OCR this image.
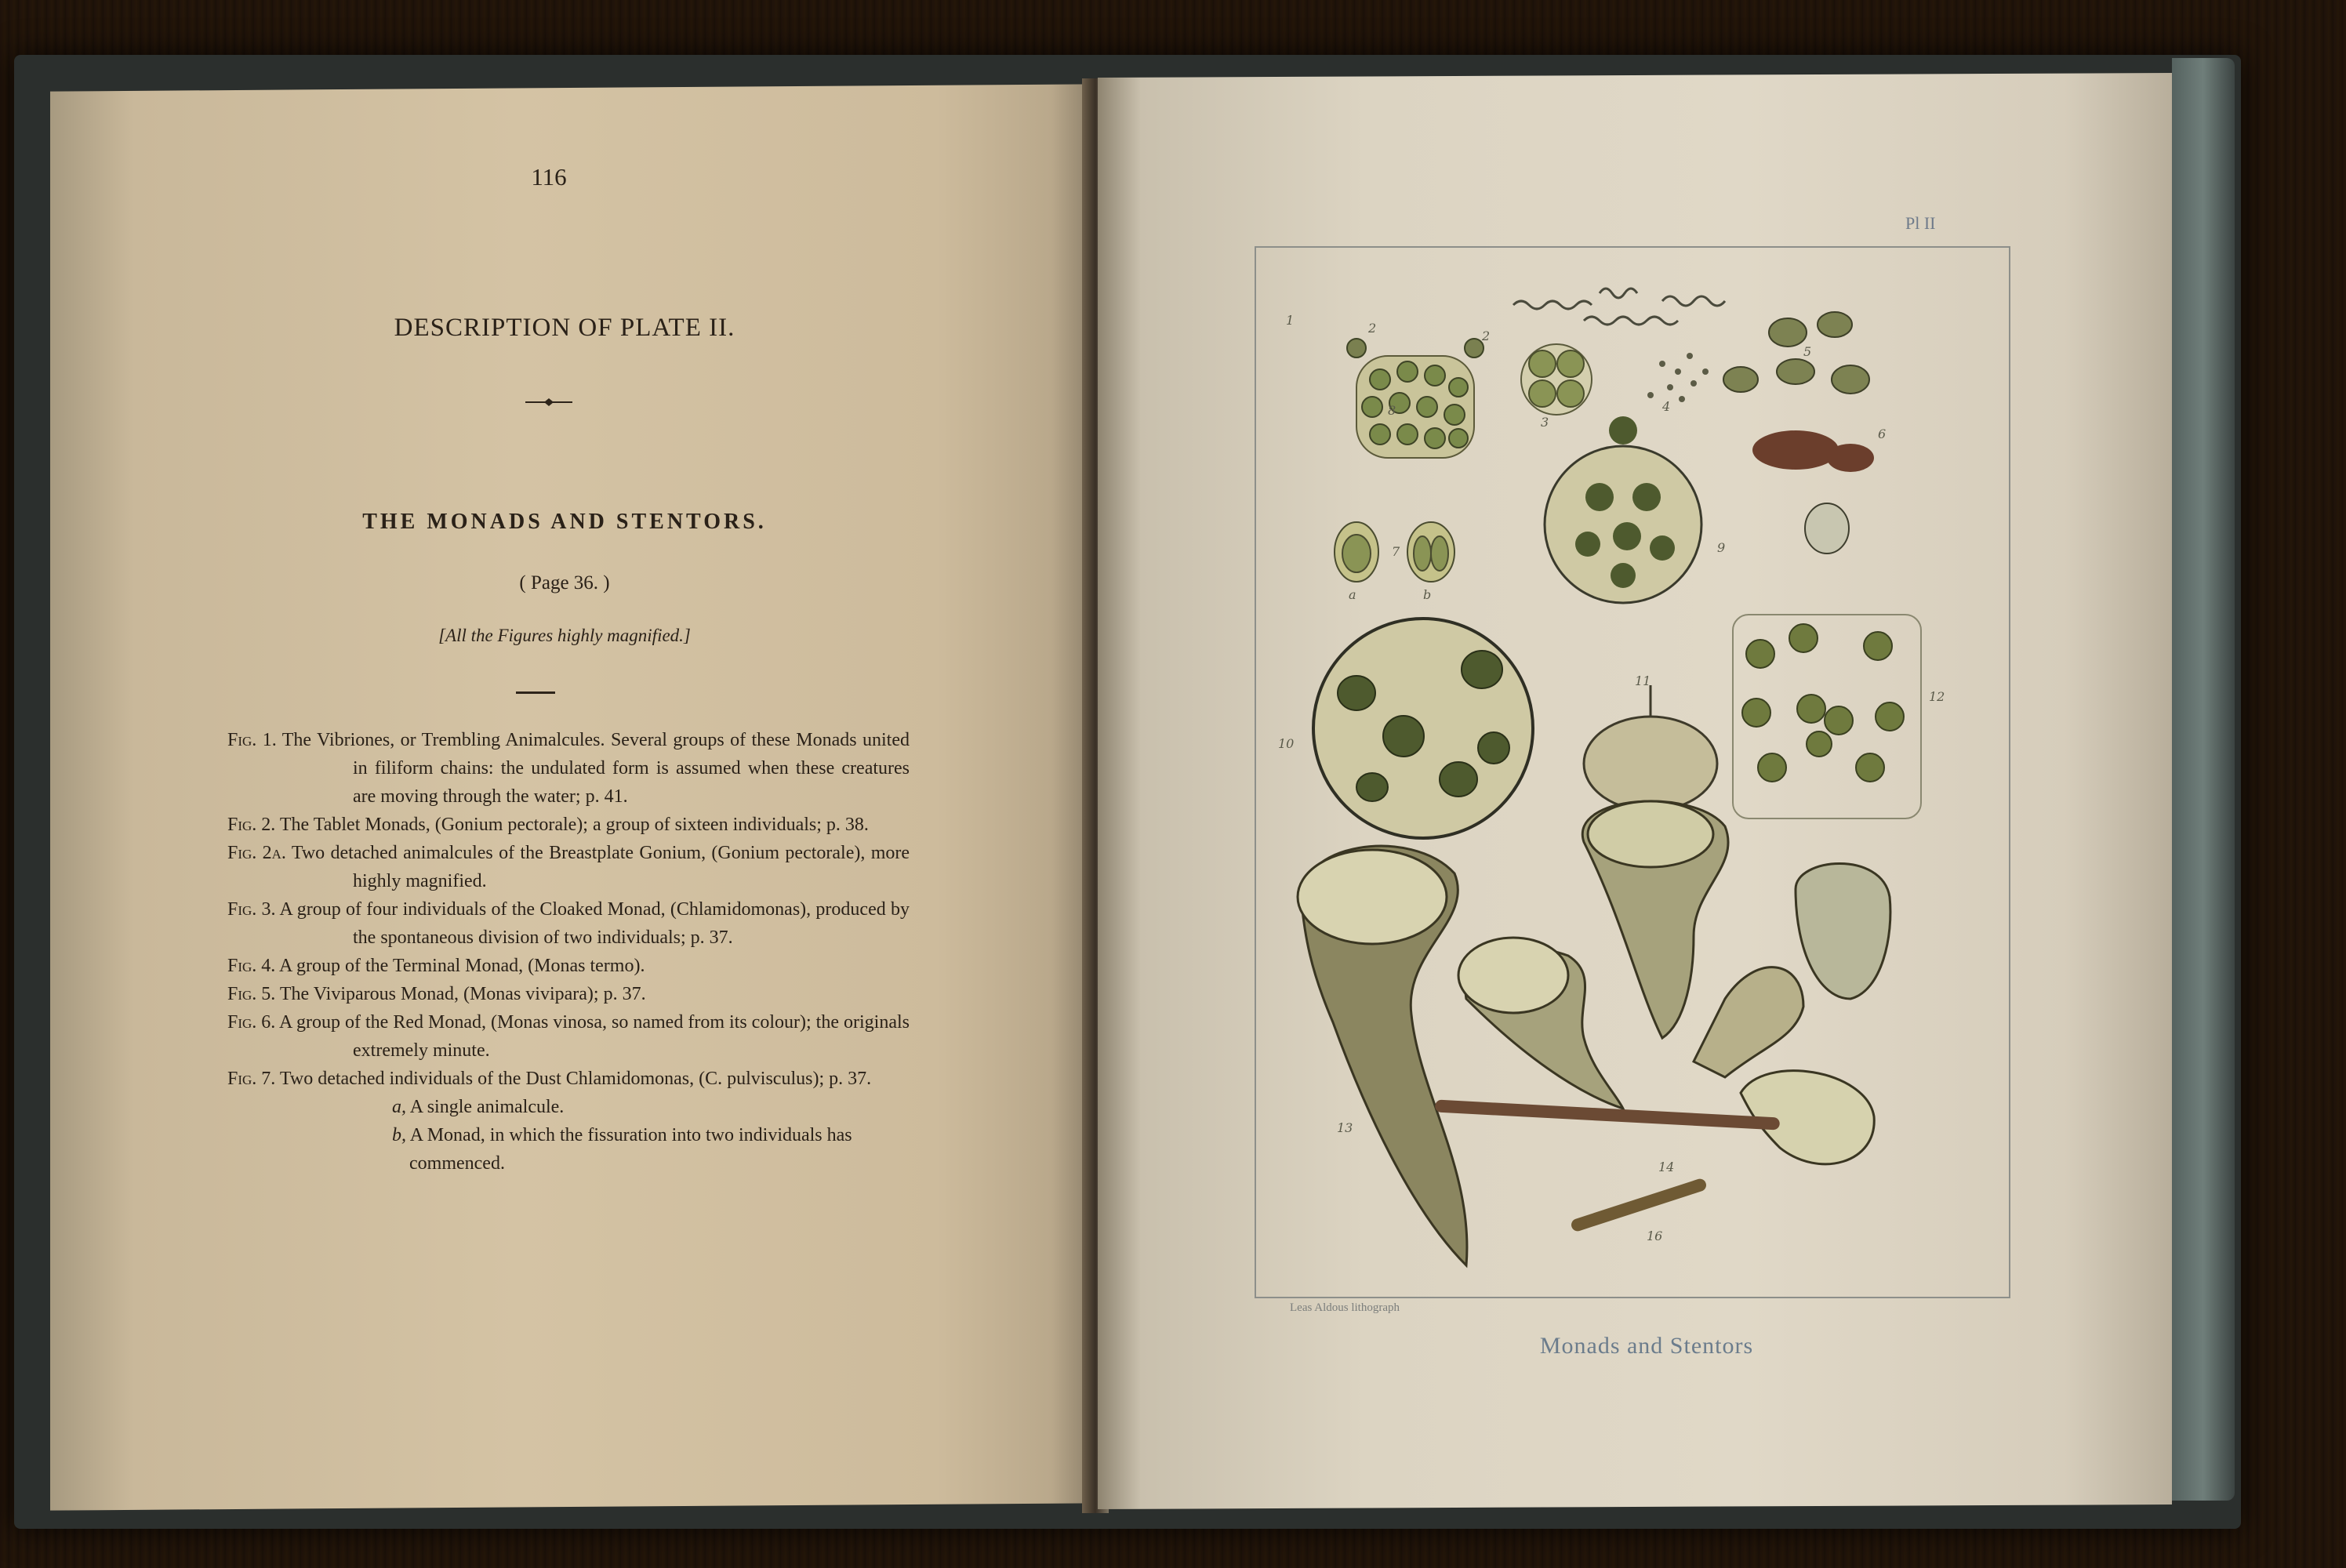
116
DESCRIPTION OF PLATE II.
THE MONADS AND STENTORS.
( Page 36. )
[All the Figures highly magnified.]

Fig. 1. The Vibriones, or Trembling Animalcules. Several groups of these Monads united in filiform chains: the undulated form is assumed when these creatures are moving through the water; p. 41.

Fig. 2. The Tablet Monads, (Gonium pectorale); a group of sixteen individuals; p. 38.

Fig. 2a. Two detached animalcules of the Breastplate Gonium, (Gonium pectorale), more highly magnified.

Fig. 3. A group of four individuals of the Cloaked Monad, (Chlamidomonas), produced by the spontaneous division of two individuals; p. 37.

Fig. 4. A group of the Terminal Monad, (Monas termo).

Fig. 5. The Viviparous Monad, (Monas vivipara); p. 37.

Fig. 6. A group of the Red Monad, (Monas vinosa, so named from its colour); the originals extremely minute.

Fig. 7. Two detached individuals of the Dust Chlamidomonas, (C. pulvisculus); p. 37.

a, A single animalcule.

b, A Monad, in which the fissuration into two individuals has commenced.

Pl II
1
2
2
3
4
5
6
7
a	b
8
9
10
11
12
13
14
16
Leas Aldous lithograph
Monads and Stentors
